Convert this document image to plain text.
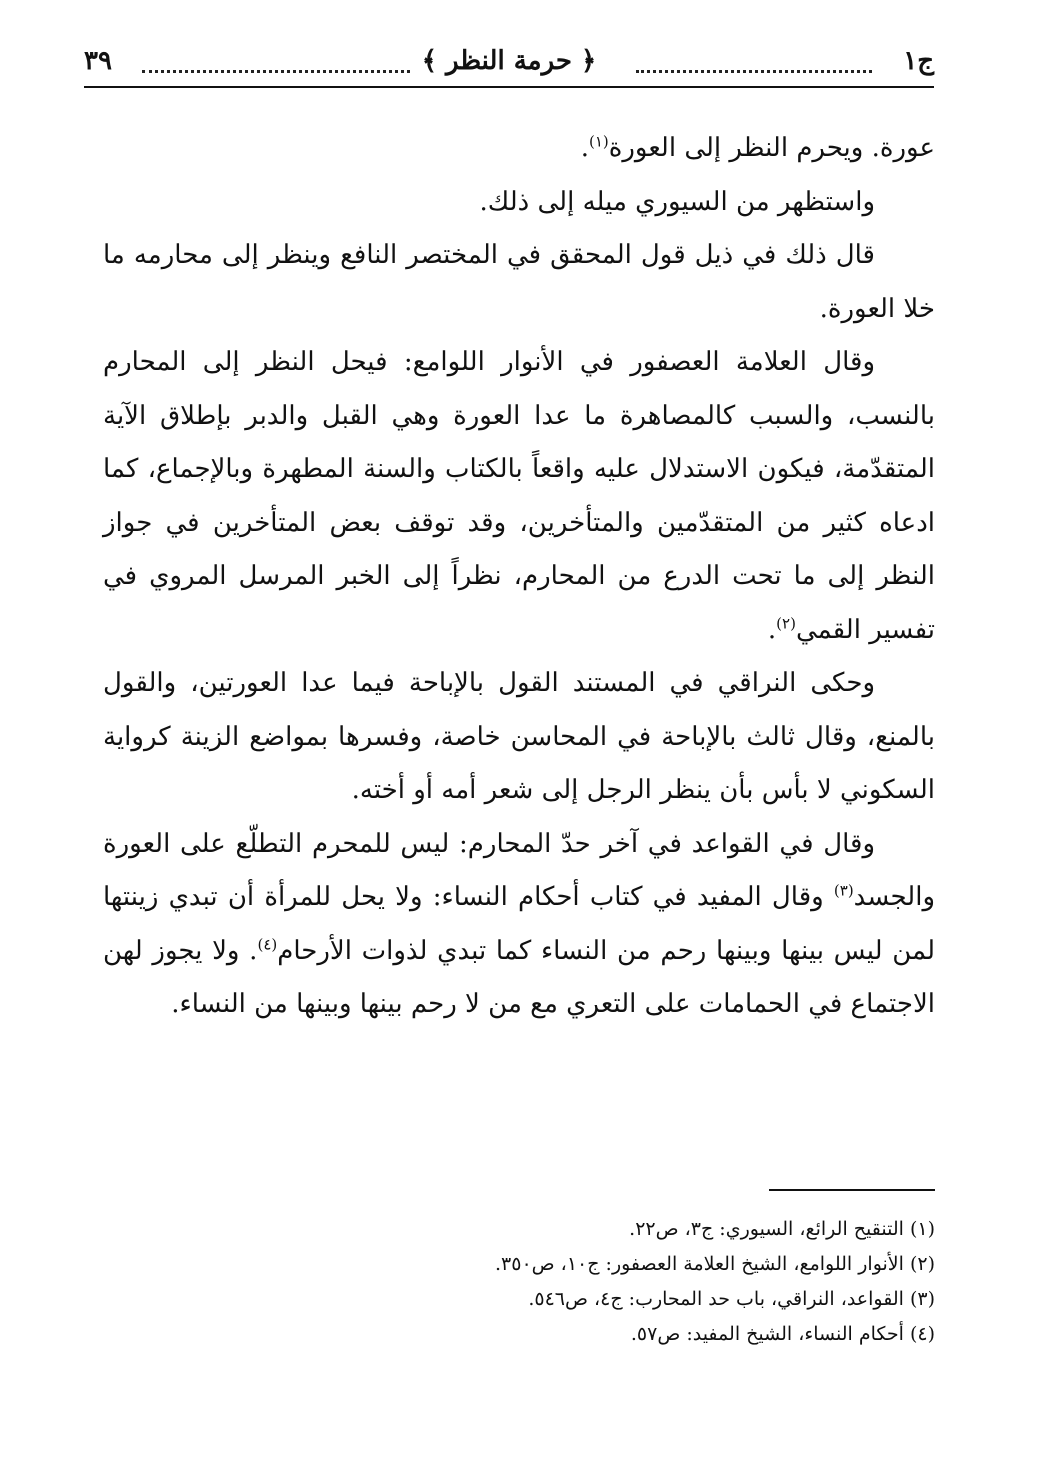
ج١
﴿ حرمة النظر ﴾
٣٩

عورة. ويحرم النظر إلى العورة$^{(١)}$.

واستظهر من السيوري ميله إلى ذلك.

قال ذلك في ذيل قول المحقق في المختصر النافع وينظر إلى محارمه ما خلا العورة.

وقال العلامة العصفور في الأنوار اللوامع: فيحل النظر إلى المحارم بالنسب، والسبب كالمصاهرة ما عدا العورة وهي القبل والدبر بإطلاق الآية المتقدّمة، فيكون الاستدلال عليه واقعاً بالكتاب والسنة المطهرة وبالإجماع، كما ادعاه كثير من المتقدّمين والمتأخرين، وقد توقف بعض المتأخرين في جواز النظر إلى ما تحت الدرع من المحارم، نظراً إلى الخبر المرسل المروي في تفسير القمي$^{(٢)}$.

وحكى النراقي في المستند القول بالإباحة فيما عدا العورتين، والقول بالمنع، وقال ثالث بالإباحة في المحاسن خاصة، وفسرها بمواضع الزينة كرواية السكوني لا بأس بأن ينظر الرجل إلى شعر أمه أو أخته.

وقال في القواعد في آخر حدّ المحارم: ليس للمحرم التطلّع على العورة والجسد$^{(٣)}$ وقال المفيد في كتاب أحكام النساء: ولا يحل للمرأة أن تبدي زينتها لمن ليس بينها وبينها رحم من النساء كما تبدي لذوات الأرحام$^{(٤)}$. ولا يجوز لهن الاجتماع في الحمامات على التعري مع من لا رحم بينها وبينها من النساء.

(١) التنقيح الرائع، السيوري: ج٣، ص٢٢.
(٢) الأنوار اللوامع، الشيخ العلامة العصفور: ج١٠، ص٣٥٠.
(٣) القواعد، النراقي، باب حد المحارب: ج٤، ص٥٤٦.
(٤) أحكام النساء، الشيخ المفيد: ص٥٧.
